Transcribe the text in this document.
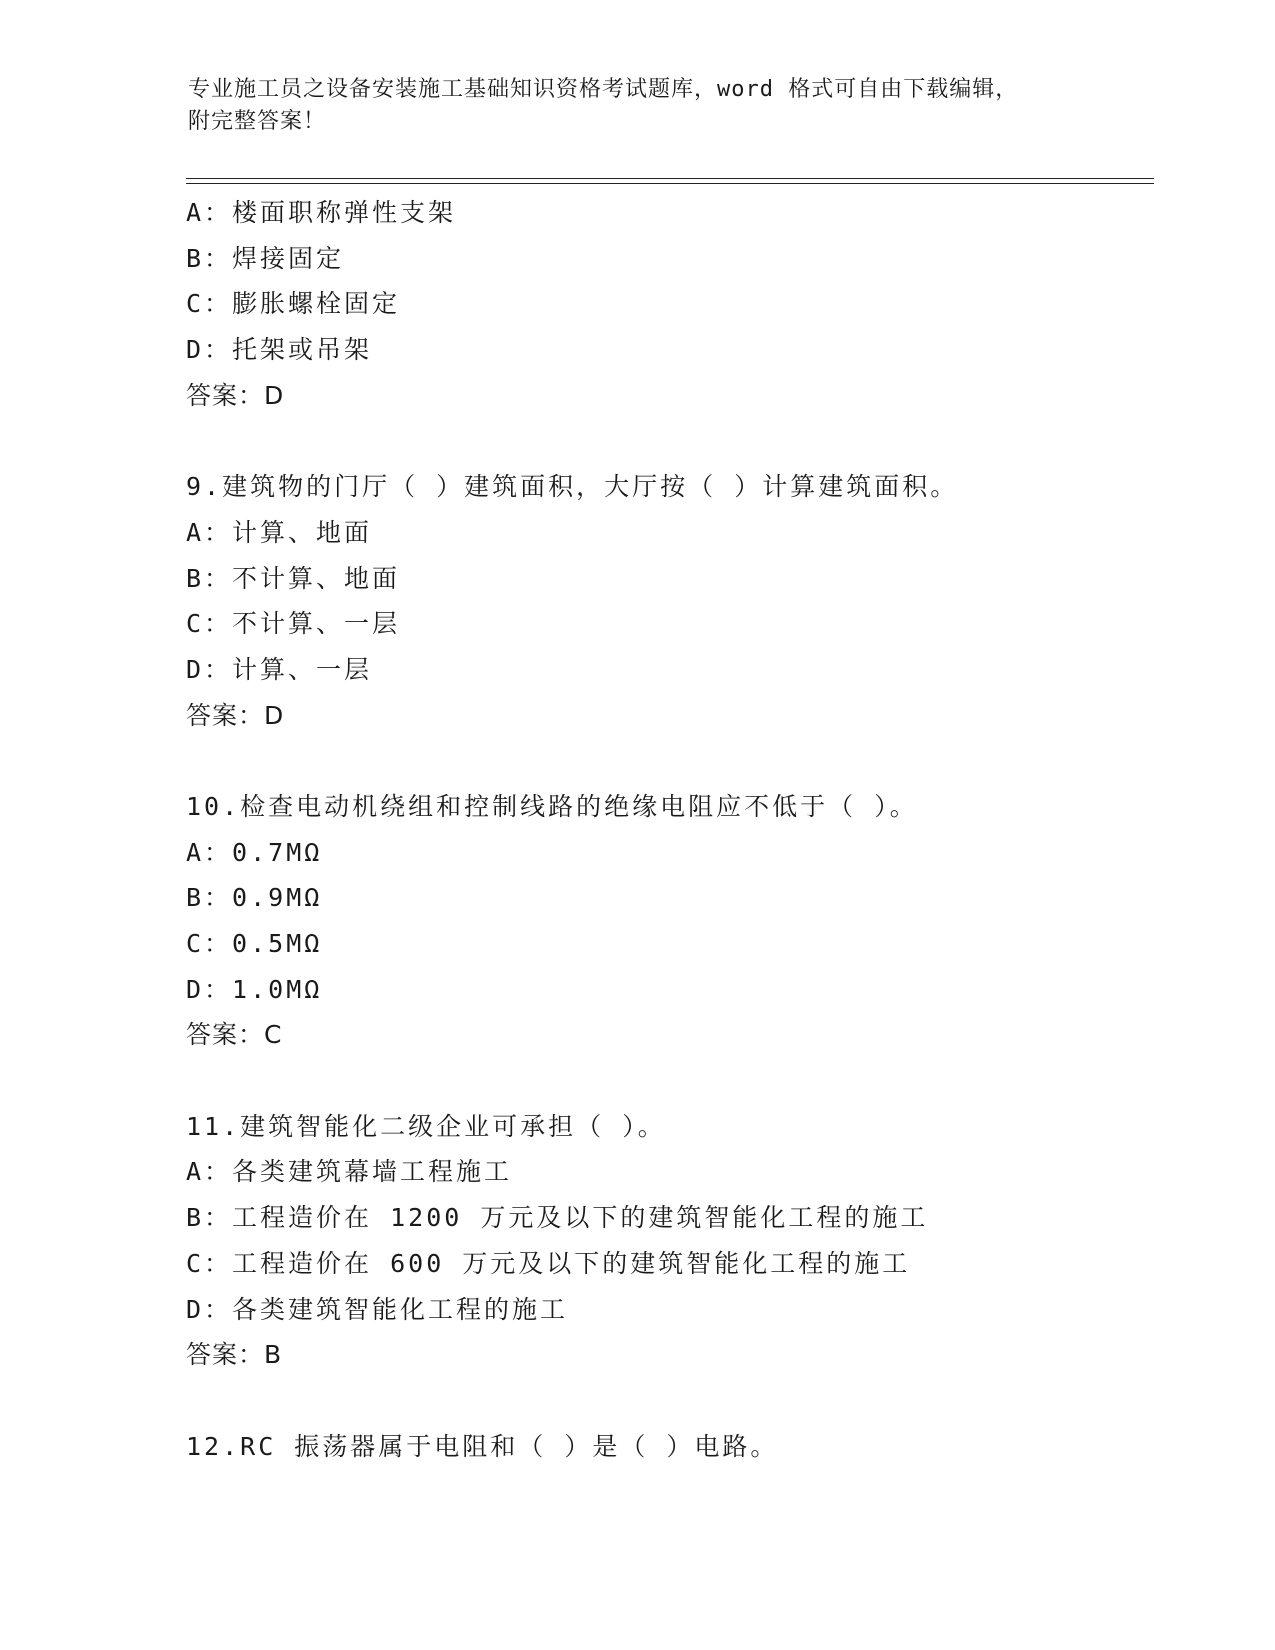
专业施工员之设备安装施工基础知识资格考试题库，word 格式可自由下载编辑，
附完整答案！
A：楼面职称弹性支架
B：焊接固定
C：膨胀螺栓固定
D：托架或吊架
答案：D
9.建筑物的门厅（ ）建筑面积，大厅按（ ）计算建筑面积。
A：计算、地面
B：不计算、地面
C：不计算、一层
D：计算、一层
答案：D
10.检查电动机绕组和控制线路的绝缘电阻应不低于（ ）。
A：0.7MΩ
B：0.9MΩ
C：0.5MΩ
D：1.0MΩ
答案：C
11.建筑智能化二级企业可承担（ ）。
A：各类建筑幕墙工程施工
B：工程造价在 1200 万元及以下的建筑智能化工程的施工
C：工程造价在 600 万元及以下的建筑智能化工程的施工
D：各类建筑智能化工程的施工
答案：B
12.RC 振荡器属于电阻和（ ）是（ ）电路。
